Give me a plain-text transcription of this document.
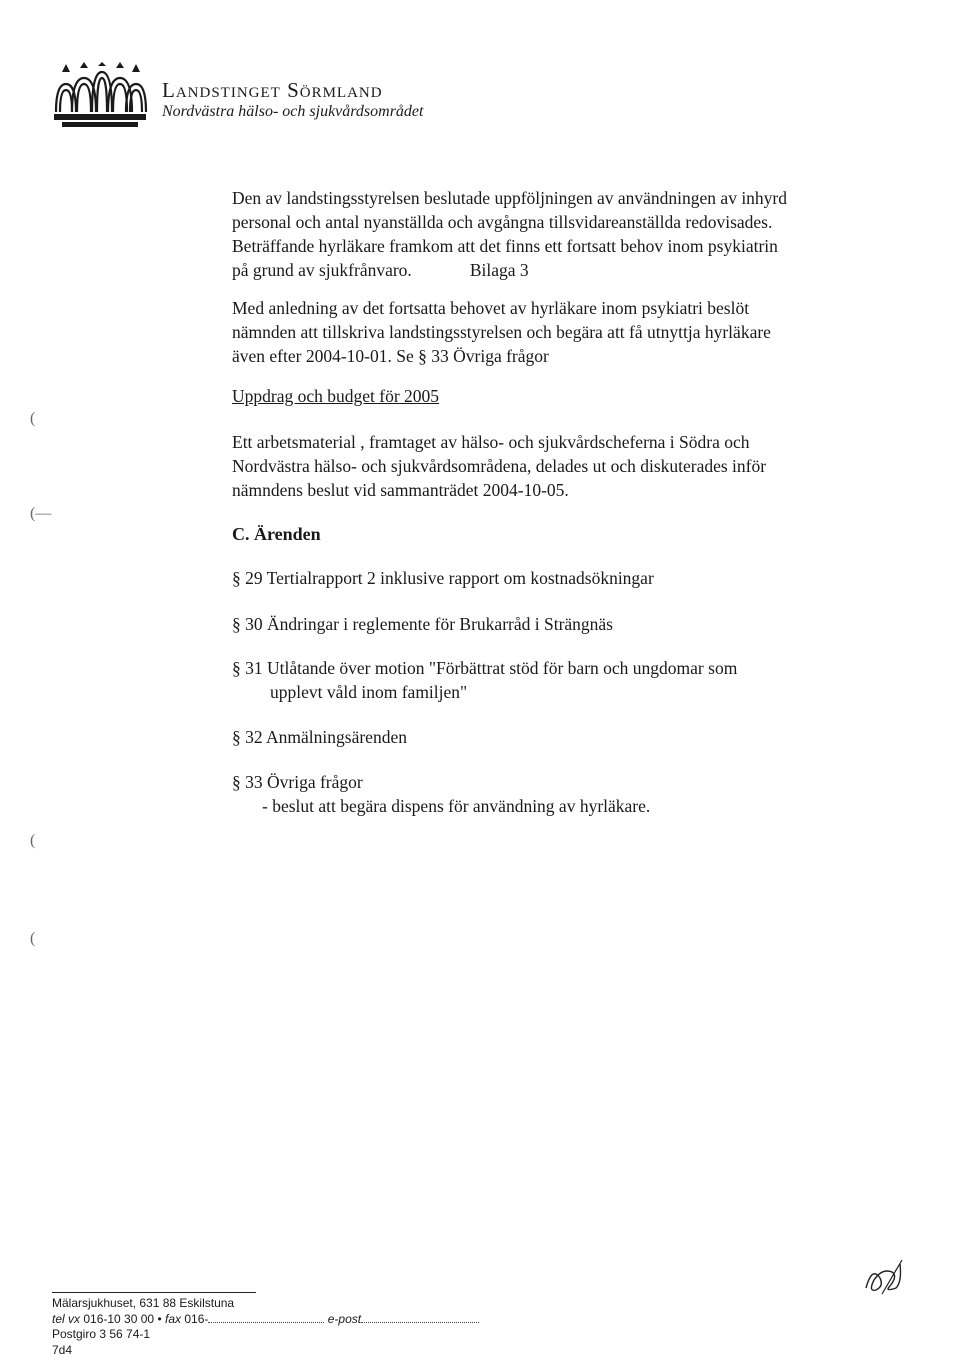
Landstinget Sörmland
Nordvästra hälso- och sjukvårdsområdet
Den av landstingsstyrelsen beslutade uppföljningen av användningen av inhyrd
personal och antal nyanställda och avgångna tillsvidareanställda redovisades.
Beträffande hyrläkare framkom att det finns ett fortsatt behov inom psykiatrin
på grund av sjukfrånvaro.	Bilaga 3
Med anledning av det fortsatta behovet av hyrläkare inom psykiatri beslöt
nämnden att tillskriva landstingsstyrelsen och begära att få utnyttja hyrläkare
även efter 2004-10-01. Se § 33 Övriga frågor
Uppdrag och budget för 2005
Ett arbetsmaterial , framtaget av hälso- och sjukvårdscheferna i Södra och
Nordvästra hälso- och sjukvårdsområdena, delades ut och diskuterades inför
nämndens beslut vid sammanträdet 2004-10-05.
C. Ärenden
§ 29 Tertialrapport 2 inklusive rapport om kostnadsökningar
§ 30 Ändringar i reglemente för Brukarråd i Strängnäs
§ 31 Utlåtande över motion "Förbättrat stöd för barn och ungdomar som
upplevt våld inom familjen"
§ 32 Anmälningsärenden
§ 33 Övriga frågor
- beslut att begära dispens för användning av hyrläkare.
(
(—
(
(
Mälarsjukhuset, 631 88 Eskilstuna
tel vx 016-10 30 00 • fax 016-	e-post
Postgiro 3 56 74-1
7d4
